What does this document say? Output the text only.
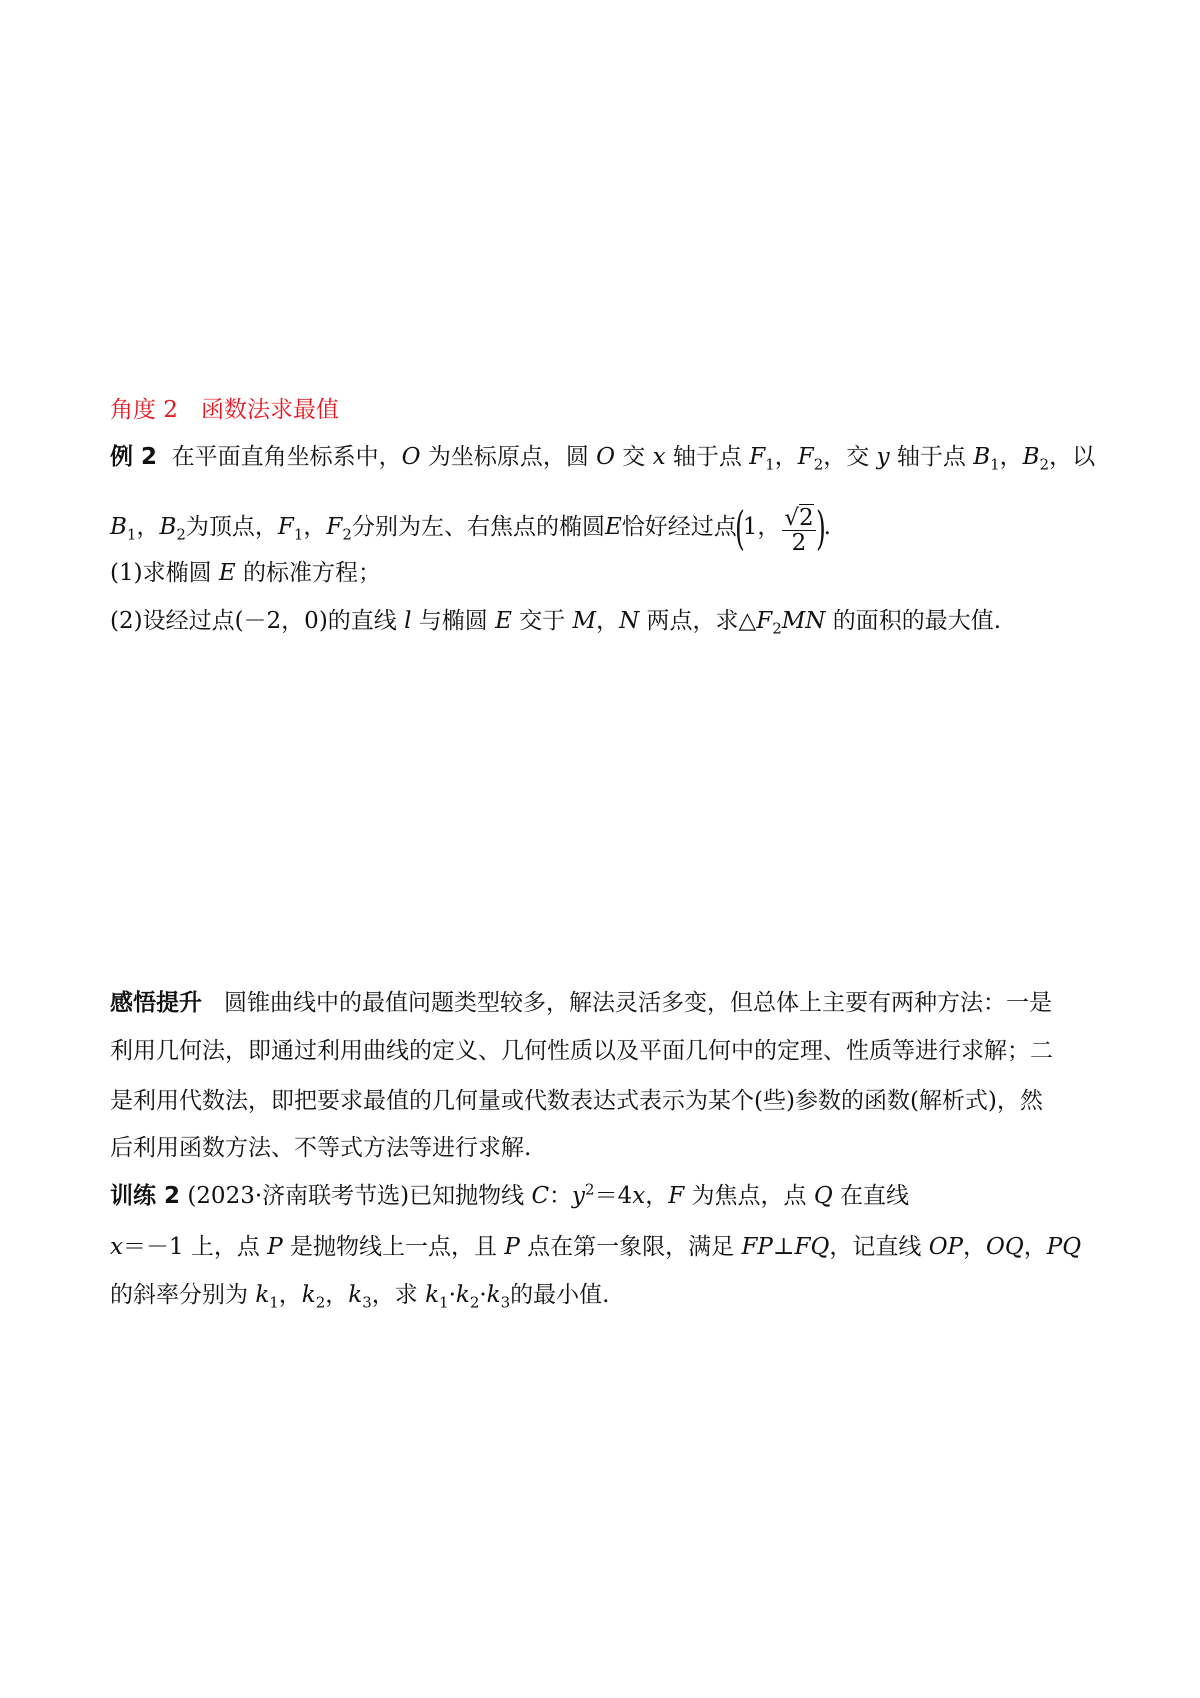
角度 2　函数法求最值
例 2 在平面直角坐标系中，O 为坐标原点，圆 O 交 x 轴于点 $F_1$，$F_2$，交 y 轴于点 $B_1$，$B_2$，以
$B_1$，$B_2$为顶点，$F_1$，$F_2$分别为左、右焦点的椭圆E恰好经过点(1， $\frac{√2}{2}$ ).
(1)求椭圆 E 的标准方程；
(2)设经过点(－2，0)的直线 l 与椭圆 E 交于 M，N 两点，求$\triangle F_2MN$ 的面积的最大值.
感悟提升 圆锥曲线中的最值问题类型较多，解法灵活多变，但总体上主要有两种方法：一是
利用几何法，即通过利用曲线的定义、几何性质以及平面几何中的定理、性质等进行求解；二
是利用代数法，即把要求最值的几何量或代数表达式表示为某个(些)参数的函数(解析式)，然
后利用函数方法、不等式方法等进行求解.
训练 2 (2023·济南联考节选)已知抛物线 C：$y^2=4x$，F 为焦点，点 Q 在直线
x＝－1 上，点 P 是抛物线上一点，且 P 点在第一象限，满足 FP⊥FQ，记直线 OP，OQ，PQ
的斜率分别为 $k_1$，$k_2$，$k_3$，求 $k_1\cdot k_2\cdot k_3$的最小值.
